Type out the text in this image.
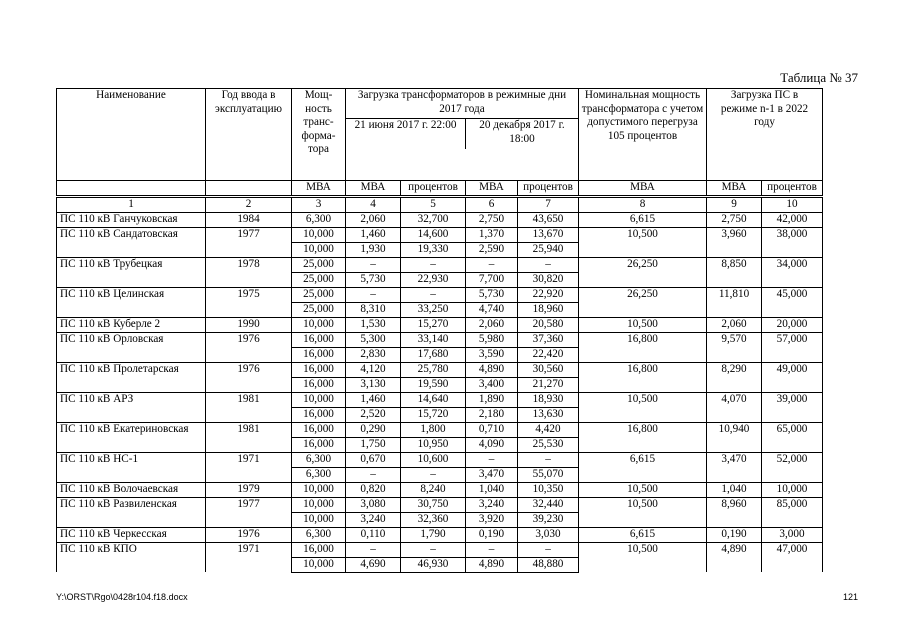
Таблица № 37
Наименование	Год ввода в эксплуатацию	Мощ- ность транс- форма- тора	Загрузка трансформаторов в режимные дни 2017 года				Номинальная мощность трансформатора с учетом допустимого перегруза 105 процентов	Загрузка ПС в режиме n-1 в 2022 году	
			21 июня 2017 г. 22:00		20 декабря 2017 г. 18:00				

		МВА	МВА	процентов	МВА	процентов	МВА	МВА	процентов
1	2	3	4	5	6	7	8	9	10
ПС 110 кВ Ганчуковская	1984	6,300	2,060	32,700	2,750	43,650	6,615	2,750	42,000
ПС 110 кВ Сандатовская	1977	10,000	1,460	14,600	1,370	13,670	10,500	3,960	38,000
		10,000	1,930	19,330	2,590	25,940			
ПС 110 кВ Трубецкая	1978	25,000	–	–	–	–	26,250	8,850	34,000
		25,000	5,730	22,930	7,700	30,820			
ПС 110 кВ Целинская	1975	25,000	–	–	5,730	22,920	26,250	11,810	45,000
		25,000	8,310	33,250	4,740	18,960			
ПС 110 кВ Куберле 2	1990	10,000	1,530	15,270	2,060	20,580	10,500	2,060	20,000
ПС 110 кВ Орловская	1976	16,000	5,300	33,140	5,980	37,360	16,800	9,570	57,000
		16,000	2,830	17,680	3,590	22,420			
ПС 110 кВ Пролетарская	1976	16,000	4,120	25,780	4,890	30,560	16,800	8,290	49,000
		16,000	3,130	19,590	3,400	21,270			
ПС 110 кВ АРЗ	1981	10,000	1,460	14,640	1,890	18,930	10,500	4,070	39,000
		16,000	2,520	15,720	2,180	13,630			
ПС 110 кВ Екатериновская	1981	16,000	0,290	1,800	0,710	4,420	16,800	10,940	65,000
		16,000	1,750	10,950	4,090	25,530			
ПС 110 кВ НС-1	1971	6,300	0,670	10,600	–	–	6,615	3,470	52,000
		6,300	–	–	3,470	55,070			
ПС 110 кВ Волочаевская	1979	10,000	0,820	8,240	1,040	10,350	10,500	1,040	10,000
ПС 110 кВ Развиленская	1977	10,000	3,080	30,750	3,240	32,440	10,500	8,960	85,000
		10,000	3,240	32,360	3,920	39,230			
ПС 110 кВ Черкесская	1976	6,300	0,110	1,790	0,190	3,030	6,615	0,190	3,000
ПС 110 кВ КПО	1971	16,000	–	–	–	–	10,500	4,890	47,000
		10,000	4,690	46,930	4,890	48,880			
Y:\ORST\Rgo\0428r104.f18.docx	121
